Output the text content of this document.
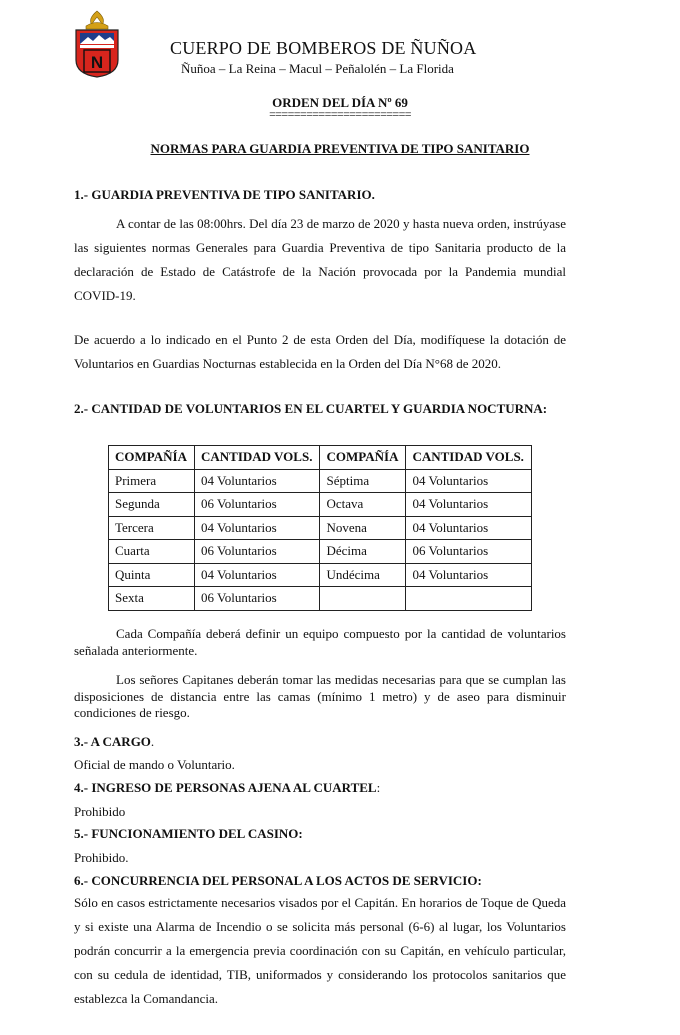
N
CUERPO DE BOMBEROS DE ÑUÑOA
Ñuñoa – La Reina – Macul – Peñalolén – La Florida
ORDEN DEL DÍA Nº 69
=======================
NORMAS PARA GUARDIA PREVENTIVA DE TIPO SANITARIO
1.- GUARDIA PREVENTIVA DE TIPO SANITARIO.
A contar de las 08:00hrs. Del día 23 de marzo de 2020 y hasta nueva orden, instrúyase las siguientes normas Generales para Guardia Preventiva de tipo Sanitaria producto de la declaración de Estado de Catástrofe de la Nación provocada por la Pandemia mundial COVID-19.
De acuerdo a lo indicado en el Punto 2 de esta Orden del Día, modifíquese la dotación de Voluntarios en Guardias Nocturnas establecida en la Orden del Día N°68 de 2020.
2.- CANTIDAD DE VOLUNTARIOS EN EL CUARTEL Y GUARDIA NOCTURNA:
COMPAÑÍA	CANTIDAD VOLS.	COMPAÑÍA	CANTIDAD VOLS.
Primera	04 Voluntarios	Séptima	04 Voluntarios
Segunda	06 Voluntarios	Octava	04 Voluntarios
Tercera	04 Voluntarios	Novena	04 Voluntarios
Cuarta	06 Voluntarios	Décima	06 Voluntarios
Quinta	04 Voluntarios	Undécima	04 Voluntarios
Sexta	06 Voluntarios		
Cada Compañía deberá definir un equipo compuesto por la cantidad de voluntarios señalada anteriormente.
Los señores Capitanes deberán tomar las medidas necesarias para que se cumplan las disposiciones de distancia entre las camas (mínimo 1 metro) y de aseo para disminuir condiciones de riesgo.
3.- A CARGO.
Oficial de mando o Voluntario.
4.- INGRESO DE PERSONAS AJENA AL CUARTEL:
Prohibido
5.- FUNCIONAMIENTO DEL CASINO:
Prohibido.
6.- CONCURRENCIA DEL PERSONAL A LOS ACTOS DE SERVICIO:
Sólo en casos estrictamente necesarios visados por el Capitán. En horarios de Toque de Queda y si existe una Alarma de Incendio o se solicita más personal (6-6) al lugar, los Voluntarios podrán concurrir a la emergencia previa coordinación con su Capitán, en vehículo particular, con su cedula de identidad, TIB, uniformados y considerando los protocolos sanitarios que establezca la Comandancia.
